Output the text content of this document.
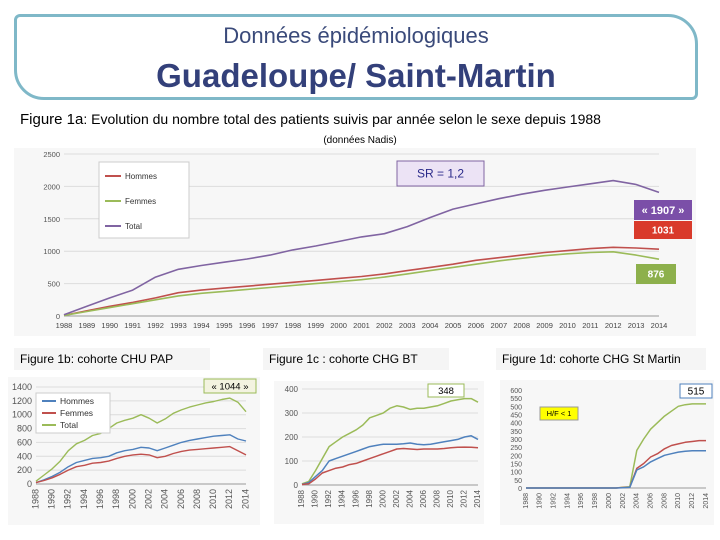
Données épidémiologiques
Guadeloupe/ Saint-Martin
Figure 1a: Evolution du nombre total des patients suivis par année selon le sexe depuis 1988
(données Nadis)
0
500
1000
1500
2000
2500
1988 1989 1990 1991 1992 1993 1994 1995 1996 1997 1998 1999 2000 2001 2002 2003 2004 2005 2006 2007 2008 2009 2010 2011 2012 2013 2014
Hommes
Femmes
Total
SR = 1,2
« 1907 »
1031
876
Figure 1b: cohorte CHU PAP	Figure 1c : cohorte CHG BT	Figure 1d: cohorte CHG St Martin
0
200
400
600
800
1000
1200
1400
1988 1990 1992 1994 1996 1998 2000 2002 2004 2006 2008 2010 2012 2014
Hommes
Femmes
Total
« 1044 »
0
100
200
300
400
1988 1990 1992 1994 1996 1998 2000 2002 2004 2006 2008 2010 2012 2014
348
0
50
100
150
200
250
300
350
400
450
500
550
600
1988 1990 1992 1994 1996 1998 2000 2002 2004 2006 2008 2010 2012 2014
515
H/F < 1
